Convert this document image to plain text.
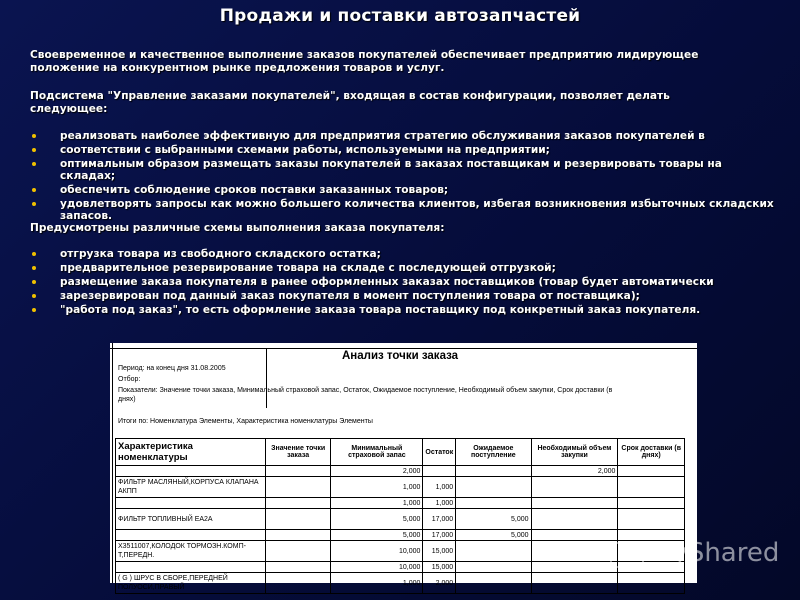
Продажи и поставки автозапчастей
Своевременное и качественное выполнение заказов покупателей обеспечивает предприятию лидирующее
положение на конкурентном рынке предложения товаров и услуг.
Подсистема "Управление заказами покупателей", входящая в состав конфигурации, позволяет делать
следующее:
реализовать наиболее эффективную для предприятия стратегию обслуживания заказов покупателей в
соответствии с выбранными схемами работы, используемыми на предприятии;
оптимальным образом размещать заказы покупателей в заказах поставщикам и резервировать товары на складах;
обеспечить соблюдение сроков поставки заказанных товаров;
удовлетворять запросы как можно большего количества клиентов, избегая возникновения избыточных складских запасов.
Предусмотрены различные схемы выполнения заказа покупателя:
отгрузка товара из свободного складского остатка;
предварительное резервирование товара на складе с последующей отгрузкой;
размещение заказа покупателя в ранее оформленных заказах поставщиков (товар будет автоматически
зарезервирован под данный заказ покупателя в момент поступления товара от поставщика);
"работа под заказ", то есть оформление заказа товара поставщику под конкретный заказ покупателя.
Анализ точки заказа
Период: на конец дня 31.08.2005
Отбор:
Показатели: Значение точки заказа, Минимальный страховой запас, Остаток, Ожидаемое поступление, Необходимый объем закупки, Срок доставки (в
днях)
Итоги по: Номенклатура Элементы, Характеристика номенклатуры Элементы
Характеристика номенклатуры	Значение точки заказа	Минимальный страховой запас	Остаток	Ожидаемое поступление	Необходимый объем закупки	Срок доставки (в днях)
		2,000			2,000	
ФИЛЬТР МАСЛЯНЫЙ,КОРПУСА КЛАПАНА АКПП		1,000	1,000			
		1,000	1,000			
ФИЛЬТР ТОПЛИВНЫЙ ЕА2А		5,000	17,000	5,000		
		5,000	17,000	5,000		
Х3511007,КОЛОДОК ТОРМОЗН.КОМП-Т,ПЕРЕДН.		10,000	15,000			
		10,000	15,000			
( G ) ШРУС В СБОРЕ,ПЕРЕДНЕЙ ПОЛУОСИ,ПРАВЫЙ		1,000	2,000			
MyShared
